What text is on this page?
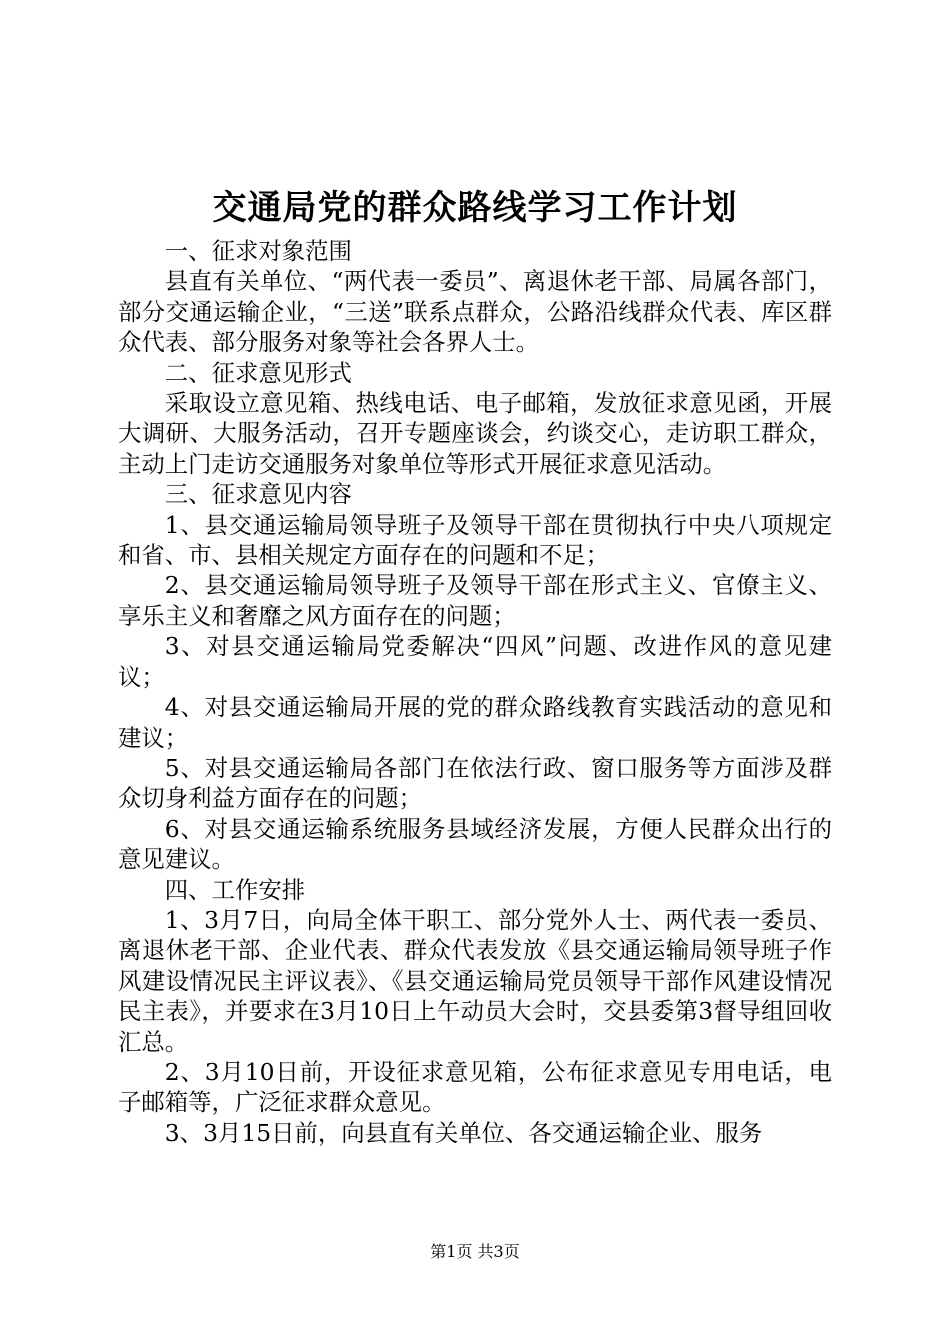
交通局党的群众路线学习工作计划

一、征求对象范围

县直有关单位、“两代表一委员”、离退休老干部、局属各部门，部分交通运输企业，“三送”联系点群众，公路沿线群众代表、库区群众代表、部分服务对象等社会各界人士。

二、征求意见形式

采取设立意见箱、热线电话、电子邮箱，发放征求意见函，开展大调研、大服务活动，召开专题座谈会，约谈交心，走访职工群众，主动上门走访交通服务对象单位等形式开展征求意见活动。

三、征求意见内容

1、县交通运输局领导班子及领导干部在贯彻执行中央八项规定和省、市、县相关规定方面存在的问题和不足；

2、县交通运输局领导班子及领导干部在形式主义、官僚主义、享乐主义和奢靡之风方面存在的问题；

3、对县交通运输局党委解决“四风”问题、改进作风的意见建议；

4、对县交通运输局开展的党的群众路线教育实践活动的意见和建议；

5、对县交通运输局各部门在依法行政、窗口服务等方面涉及群众切身利益方面存在的问题；

6、对县交通运输系统服务县域经济发展，方便人民群众出行的意见建议。

四、工作安排

1、3月7日，向局全体干职工、部分党外人士、两代表一委员、离退休老干部、企业代表、群众代表发放《县交通运输局领导班子作风建设情况民主评议表》、《县交通运输局党员领导干部作风建设情况民主表》，并要求在3月10日上午动员大会时，交县委第3督导组回收汇总。

2、3月10日前，开设征求意见箱，公布征求意见专用电话，电子邮箱等，广泛征求群众意见。

3、3月15日前，向县直有关单位、各交通运输企业、服务

第1页 共3页
